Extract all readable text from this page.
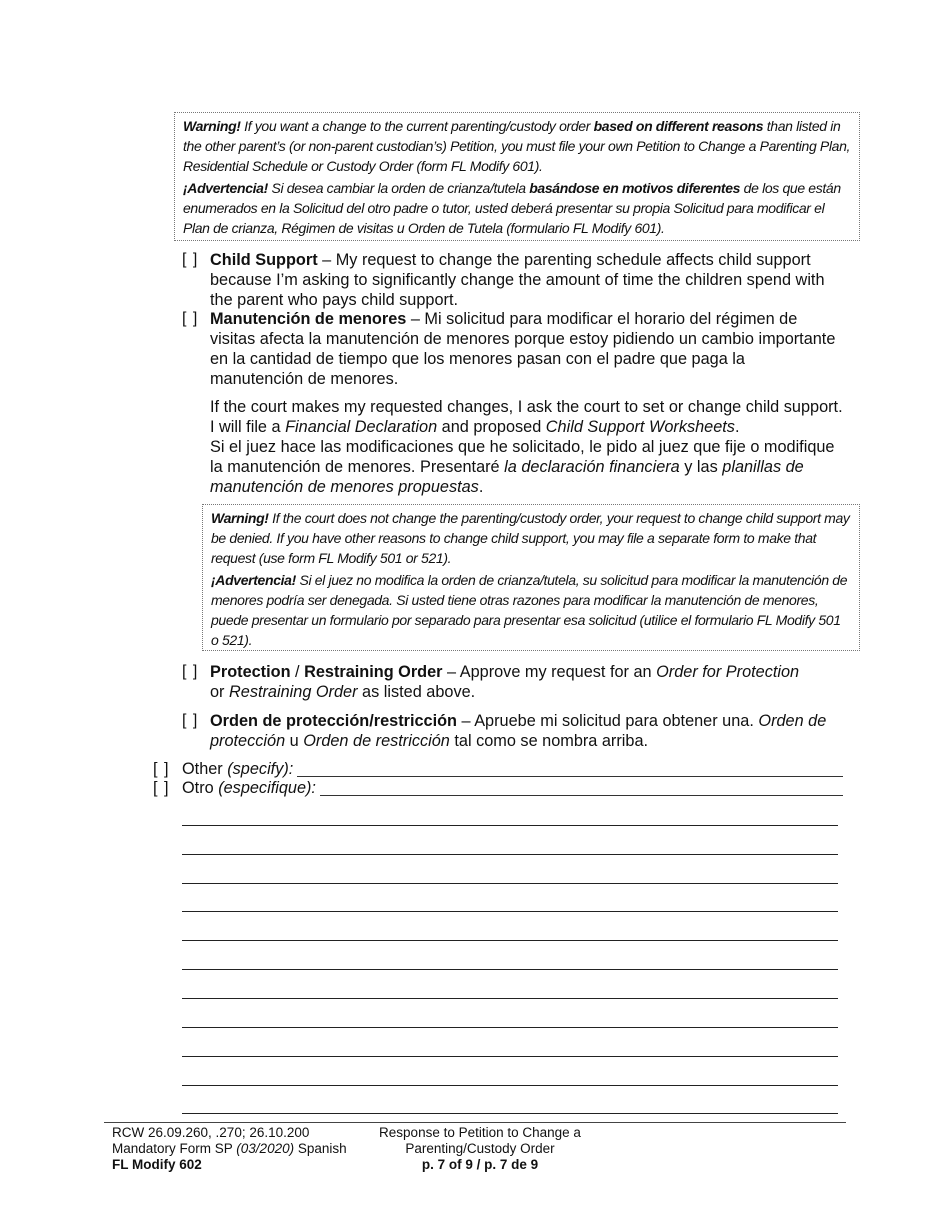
Warning! If you want a change to the current parenting/custody order based on different reasons than listed in the other parent’s (or non-parent custodian’s) Petition, you must file your own Petition to Change a Parenting Plan, Residential Schedule or Custody Order (form FL Modify 601).

¡Advertencia! Si desea cambiar la orden de crianza/tutela basándose en motivos diferentes de los que están enumerados en la Solicitud del otro padre o tutor, usted deberá presentar su propia Solicitud para modificar el Plan de crianza, Régimen de visitas u Orden de Tutela (formulario FL Modify 601).

[ ] Child Support – My request to change the parenting schedule affects child support because I’m asking to significantly change the amount of time the children spend with the parent who pays child support.
[ ] Manutención de menores – Mi solicitud para modificar el horario del régimen de visitas afecta la manutención de menores porque estoy pidiendo un cambio importante en la cantidad de tiempo que los menores pasan con el padre que paga la manutención de menores.
If the court makes my requested changes, I ask the court to set or change child support. I will file a Financial Declaration and proposed Child Support Worksheets.
Si el juez hace las modificaciones que he solicitado, le pido al juez que fije o modifique la manutención de menores. Presentaré la declaración financiera y las planillas de manutención de menores propuestas.

Warning! If the court does not change the parenting/custody order, your request to change child support may be denied. If you have other reasons to change child support, you may file a separate form to make that request (use form FL Modify 501 or 521).

¡Advertencia! Si el juez no modifica la orden de crianza/tutela, su solicitud para modificar la manutención de menores podría ser denegada. Si usted tiene otras razones para modificar la manutención de menores, puede presentar un formulario por separado para presentar esa solicitud (utilice el formulario FL Modify 501 o 521).

[ ] Protection / Restraining Order – Approve my request for an Order for Protection
or Restraining Order as listed above.
[ ] Orden de protección/restricción – Apruebe mi solicitud para obtener una. Orden de protección u Orden de restricción tal como se nombra arriba.
[ ] Other (specify):
[ ] Otro (especifique):
RCW 26.09.260, .270; 26.10.200
Mandatory Form SP (03/2020) Spanish
FL Modify 602
Response to Petition to Change a
Parenting/Custody Order
p. 7 of 9 / p. 7 de 9
